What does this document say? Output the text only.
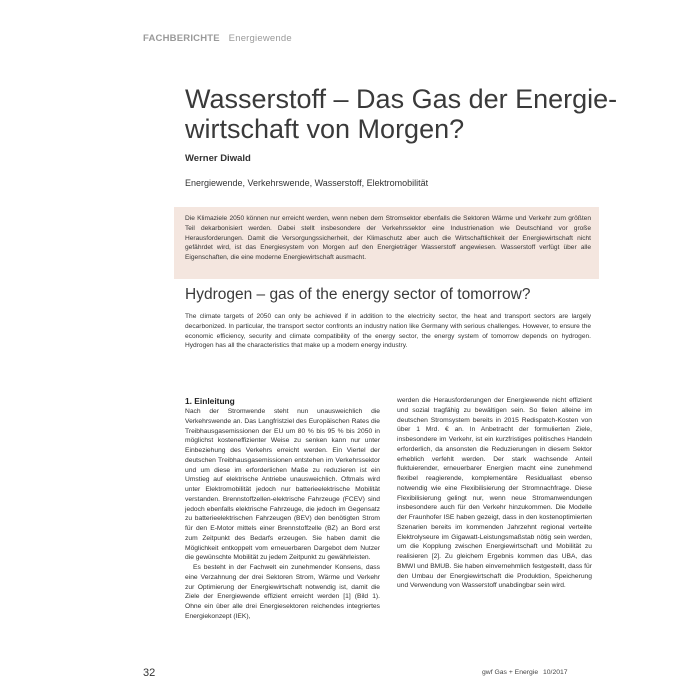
FACHBERICHTE Energiewende
Wasserstoff – Das Gas der Energie-wirtschaft von Morgen?
Werner Diwald
Energiewende, Verkehrswende, Wasserstoff, Elektromobilität

Die Klimaziele 2050 können nur erreicht werden, wenn neben dem Stromsektor ebenfalls die Sektoren Wärme und Verkehr zum größten Teil dekarbonisiert werden. Dabei stellt insbesondere der Verkehrssektor eine Industrienation wie Deutschland vor große Herausforderungen. Damit die Versorgungssicherheit, der Klimaschutz aber auch die Wirtschaftlichkeit der Energiewirtschaft nicht gefährdet wird, ist das Energiesystem von Morgen auf den Energieträger Wasserstoff angewiesen. Wasserstoff verfügt über alle Eigenschaften, die eine moderne Energiewirtschaft ausmacht.

Hydrogen – gas of the energy sector of tomorrow?

The climate targets of 2050 can only be achieved if in addition to the electricity sector, the heat and transport sectors are largely decarbonized. In particular, the transport sector confronts an industry nation like Germany with serious challenges. However, to ensure the economic efficiency, security and climate compatibility of the energy sector, the energy system of tomorrow depends on hydrogen. Hydrogen has all the characteristics that make up a modern energy industry.

1. Einleitung

Nach der Stromwende steht nun unausweichlich die Verkehrswende an. Das Langfristziel des Europäischen Rates die Treibhausgasemissionen der EU um 80 % bis 95 % bis 2050 in möglichst kosteneffizienter Weise zu senken kann nur unter Einbeziehung des Verkehrs erreicht werden. Ein Viertel der deutschen Treibhausgasemissionen entstehen im Verkehrssektor und um diese im erforderlichen Maße zu reduzieren ist ein Umstieg auf elektrische Antriebe unausweichlich. Oftmals wird unter Elektromobilität jedoch nur batterieelektrische Mobilität verstanden. Brennstoffzellen-elektrische Fahrzeuge (FCEV) sind jedoch ebenfalls elektrische Fahrzeuge, die jedoch im Gegensatz zu batterieelektrischen Fahrzeugen (BEV) den benötigten Strom für den E-Motor mittels einer Brennstoffzelle (BZ) an Bord erst zum Zeitpunkt des Bedarfs erzeugen. Sie haben damit die Möglichkeit entkoppelt vom erneuerbaren Dargebot dem Nutzer die gewünschte Mobilität zu jedem Zeitpunkt zu gewährleisten.

Es besteht in der Fachwelt ein zunehmender Konsens, dass eine Verzahnung der drei Sektoren Strom, Wärme und Verkehr zur Optimierung der Energiewirtschaft notwendig ist, damit die Ziele der Energiewende effizient erreicht werden [1] (Bild 1). Ohne ein über alle drei Energiesektoren reichendes integriertes Energiekonzept (IEK),

werden die Herausforderungen der Energiewende nicht effizient und sozial tragfähig zu bewältigen sein. So fielen alleine im deutschen Stromsystem bereits in 2015 Redispatch-Kosten von über 1 Mrd. € an. In Anbetracht der formulierten Ziele, insbesondere im Verkehr, ist ein kurzfristiges politisches Handeln erforderlich, da ansonsten die Reduzierungen in diesem Sektor erheblich verfehlt werden. Der stark wachsende Anteil fluktuierender, erneuerbarer Energien macht eine zunehmend flexibel reagierende, komplementäre Residuallast ebenso notwendig wie eine Flexibilisierung der Stromnachfrage. Diese Flexibilisierung gelingt nur, wenn neue Stromanwendungen insbesondere auch für den Verkehr hinzukommen. Die Modelle der Fraunhofer ISE haben gezeigt, dass in den kostenoptimierten Szenarien bereits im kommenden Jahrzehnt regional verteilte Elektrolyseure im Gigawatt-Leistungsmaßstab nötig sein werden, um die Kopplung zwischen Energiewirtschaft und Mobilität zu realisieren [2]. Zu gleichem Ergebnis kommen das UBA, das BMWI und BMUB. Sie haben einvernehmlich festgestellt, dass für den Umbau der Energiewirtschaft die Produktion, Speicherung und Verwendung von Wasserstoff unabdingbar sein wird.

32	gwf Gas + Energie 10/2017
